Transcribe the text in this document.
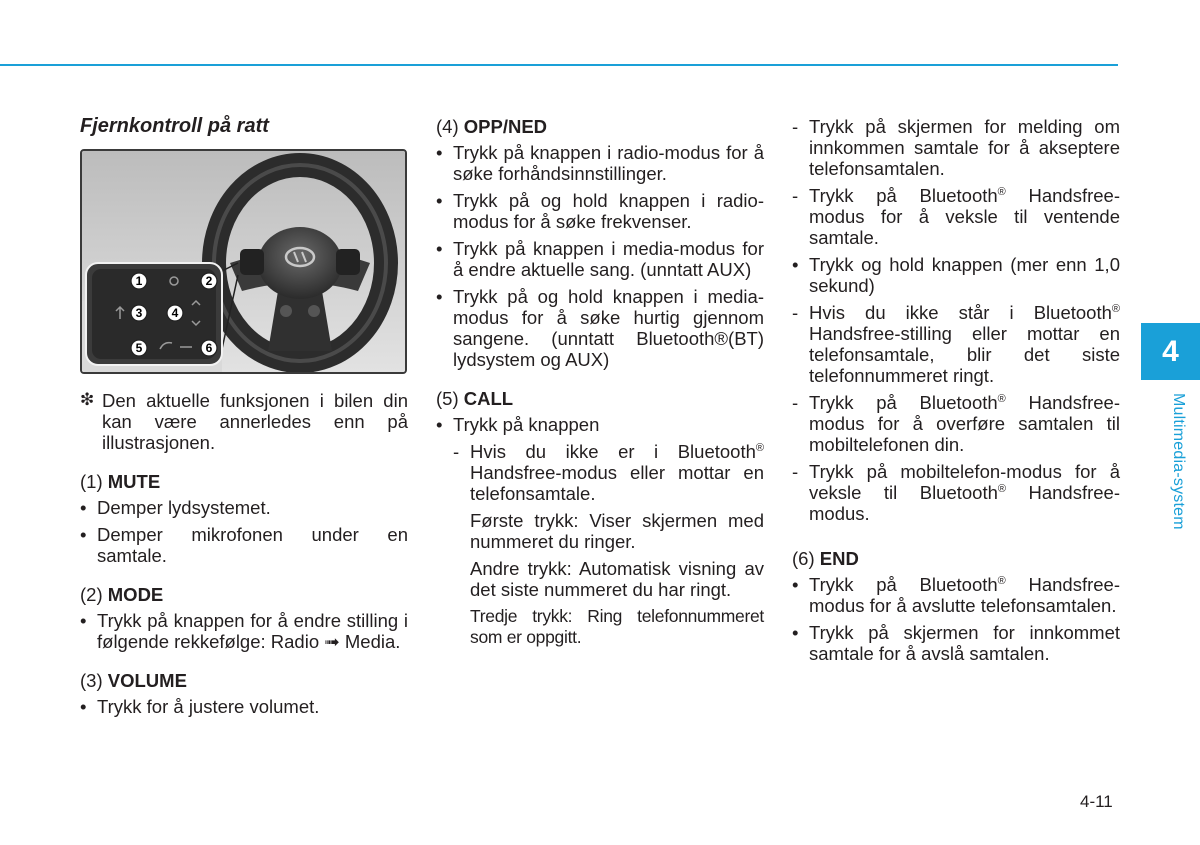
Fjernkontroll på ratt
1	2
3 4
5	6

❇ Den aktuelle funksjonen i bilen din kan være annerledes enn på illustrasjonen.

(1) MUTE

• Demper lydsystemet.

• Demper mikrofonen under en samtale.

(2) MODE

• Trykk på knappen for å endre stilling i følgende rekkefølge: Radio ➟ Media.

(3) VOLUME

• Trykk for å justere volumet.

(4) OPP/NED

• Trykk på knappen i radio-modus for å søke forhåndsinnstillinger.

• Trykk på og hold knappen i radio-modus for å søke frekvenser.

• Trykk på knappen i media-modus for å endre aktuelle sang. (unntatt AUX)

• Trykk på og hold knappen i media-modus for å søke hurtig gjennom sangene. (unntatt Bluetooth®(BT) lydsystem og AUX)

(5) CALL

• Trykk på knappen

- Hvis du ikke er i Bluetooth® Handsfree-modus eller mottar en telefonsamtale.

Første trykk: Viser skjermen med nummeret du ringer.

Andre trykk: Automatisk visning av det siste nummeret du har ringt.

Tredje trykk: Ring telefonnummeret som er oppgitt.

- Trykk på skjermen for melding om innkommen samtale for å akseptere telefonsamtalen.

- Trykk på Bluetooth® Handsfree-modus for å veksle til ventende samtale.

• Trykk og hold knappen (mer enn 1,0 sekund)

- Hvis du ikke står i Bluetooth® Handsfree-stilling eller mottar en telefonsamtale, blir det siste telefonnummeret ringt.

- Trykk på Bluetooth® Handsfree-modus for å overføre samtalen til mobiltelefonen din.

- Trykk på mobiltelefon-modus for å veksle til Bluetooth® Handsfree-modus.

(6) END

• Trykk på Bluetooth® Handsfree-modus for å avslutte telefonsamtalen.

• Trykk på skjermen for innkommet samtale for å avslå samtalen.

4
Multimedia-system
4-11
